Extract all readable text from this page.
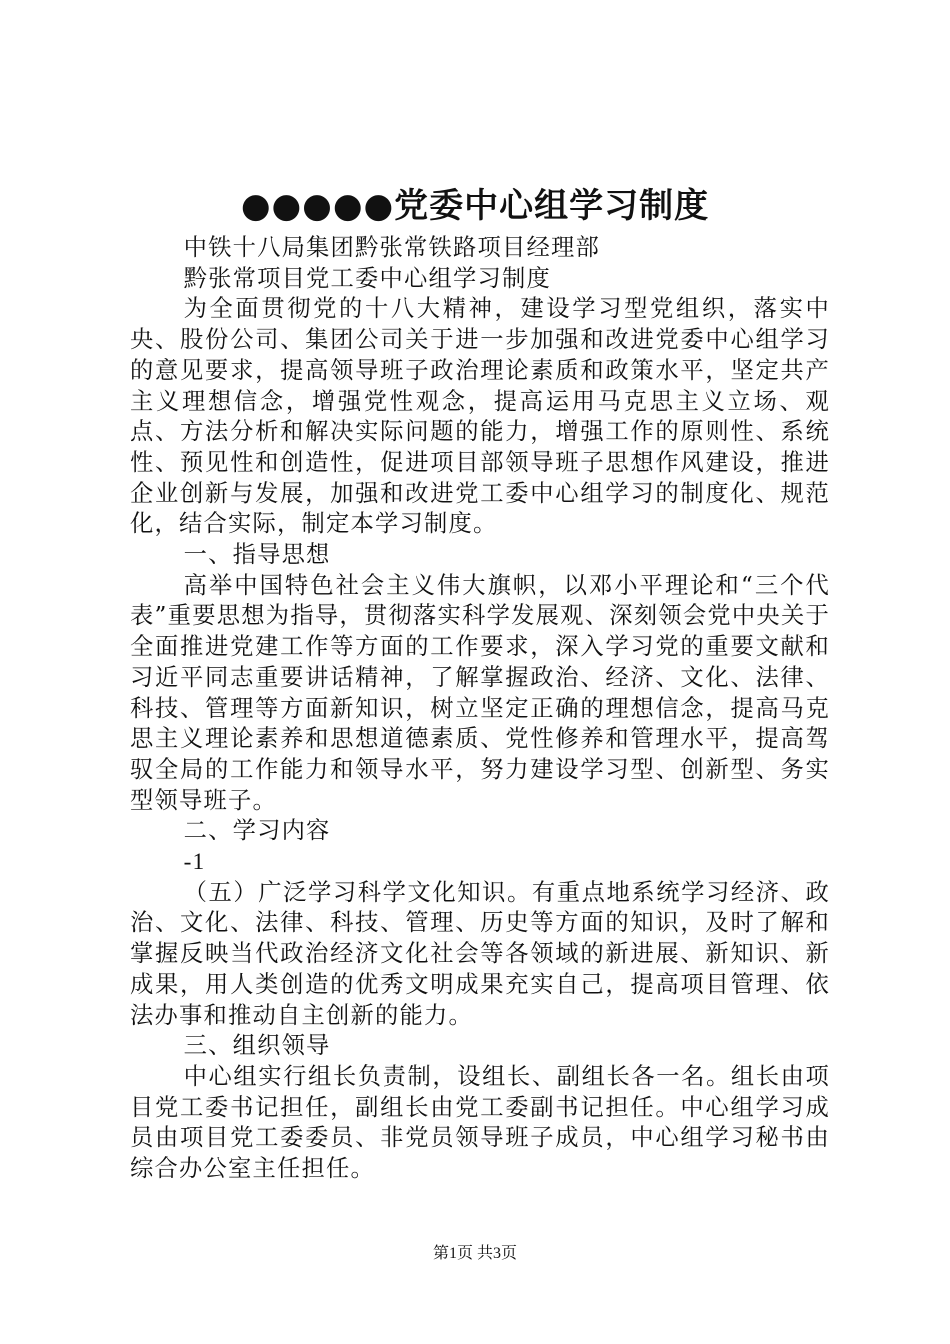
●●●●●党委中心组学习制度

中铁十八局集团黔张常铁路项目经理部

黔张常项目党工委中心组学习制度

为全面贯彻党的十八大精神，建设学习型党组织，落实中央、股份公司、集团公司关于进一步加强和改进党委中心组学习的意见要求，提高领导班子政治理论素质和政策水平，坚定共产主义理想信念，增强党性观念，提高运用马克思主义立场、观点、方法分析和解决实际问题的能力，增强工作的原则性、系统性、预见性和创造性，促进项目部领导班子思想作风建设，推进企业创新与发展，加强和改进党工委中心组学习的制度化、规范化，结合实际，制定本学习制度。

一、指导思想

高举中国特色社会主义伟大旗帜，以邓小平理论和“三个代表”重要思想为指导，贯彻落实科学发展观、深刻领会党中央关于全面推进党建工作等方面的工作要求，深入学习党的重要文献和习近平同志重要讲话精神，了解掌握政治、经济、文化、法律、科技、管理等方面新知识，树立坚定正确的理想信念，提高马克思主义理论素养和思想道德素质、党性修养和管理水平，提高驾驭全局的工作能力和领导水平，努力建设学习型、创新型、务实型领导班子。

二、学习内容

-1

（五）广泛学习科学文化知识。有重点地系统学习经济、政治、文化、法律、科技、管理、历史等方面的知识，及时了解和掌握反映当代政治经济文化社会等各领域的新进展、新知识、新成果，用人类创造的优秀文明成果充实自己，提高项目管理、依法办事和推动自主创新的能力。

三、组织领导

中心组实行组长负责制，设组长、副组长各一名。组长由项目党工委书记担任，副组长由党工委副书记担任。中心组学习成员由项目党工委委员、非党员领导班子成员，中心组学习秘书由综合办公室主任担任。

第1页 共3页
